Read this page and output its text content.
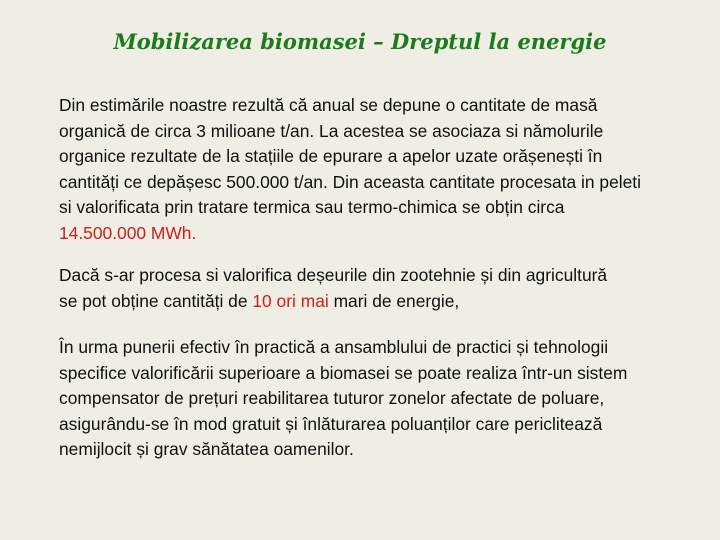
Mobilizarea biomasei – Dreptul la energie

Din estimările noastre rezultă că anual se depune o cantitate de masă
organică de circa 3 milioane t/an. La acestea se asociaza si nămolurile
organice rezultate de la stațiile de epurare a apelor uzate orășenești în
cantități ce depășesc 500.000 t/an. Din aceasta cantitate procesata in peleti
si valorificata prin tratare termica sau termo-chimica se obțin circa
14.500.000 MWh.

Dacă s-ar procesa si valorifica deșeurile din zootehnie și din agricultură
se pot obține cantități de 10 ori mai mari de energie,

În urma punerii efectiv în practică a ansamblului de practici și tehnologii
specifice valorificării superioare a biomasei se poate realiza într-un sistem
compensator de prețuri reabilitarea tuturor zonelor afectate de poluare,
asigurându-se în mod gratuit și înlăturarea poluanților care periclitează
nemijlocit și grav sănătatea oamenilor.
